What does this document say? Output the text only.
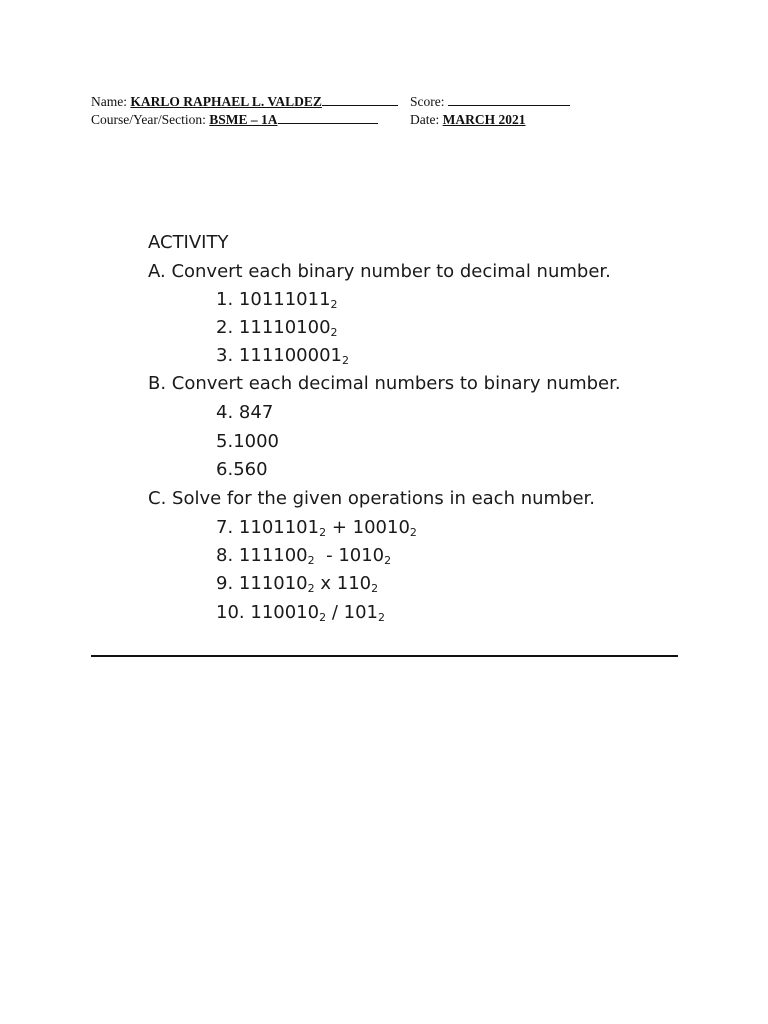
Name: KARLO RAPHAEL L. VALDEZ	Score:
Course/Year/Section: BSME – 1A	Date: MARCH 2021
ACTIVITY
A. Convert each binary number to decimal number.
1. $10111011_2$
2. $11110100_2$
3. $111100001_2$
B. Convert each decimal numbers to binary number.
4. 847
5.1000
6.560
C. Solve for the given operations in each number.
7. $1101101_2 + 10010_2$
8. $111100_2 - 1010_2$
9. $111010_2$ x $110_2$
10. $110010_2 / 101_2$
